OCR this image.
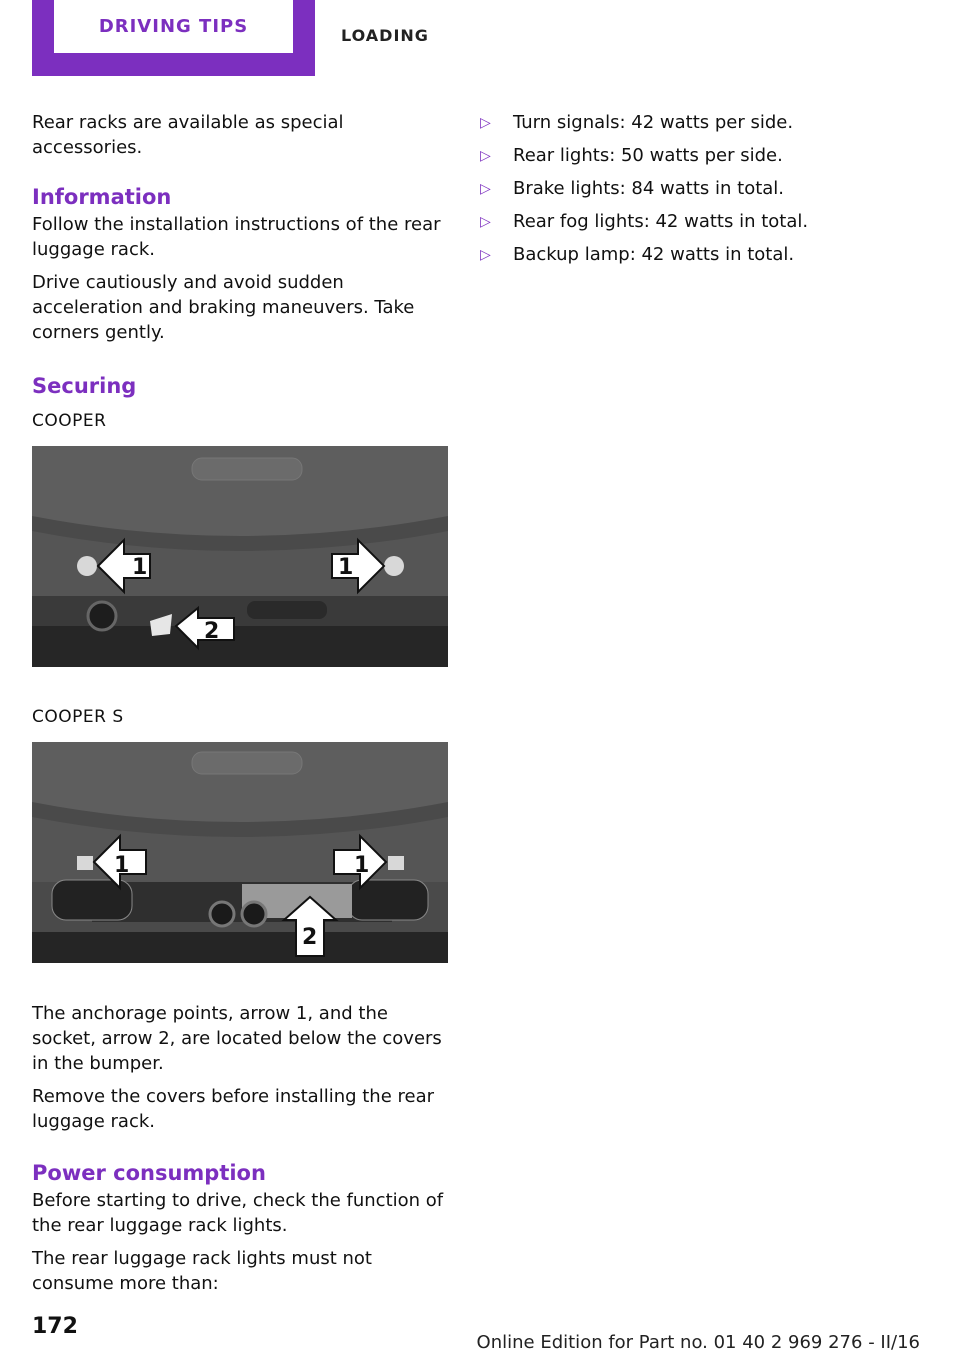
DRIVING TIPS	LOADING

Rear racks are available as special accessories.

Information

Follow the installation instructions of the rear luggage rack.

Drive cautiously and avoid sudden acceleration and braking maneuvers. Take corners gently.

Securing

COOPER

1	1
2

COOPER S

1	1
2

The anchorage points, arrow 1, and the socket, arrow 2, are located below the covers in the bumper.

Remove the covers before installing the rear luggage rack.

Power consumption

Before starting to drive, check the function of the rear luggage rack lights.

The rear luggage rack lights must not consume more than:

▷	Turn signals: 42 watts per side.
▷	Rear lights: 50 watts per side.
▷	Brake lights: 84 watts in total.
▷	Rear fog lights: 42 watts in total.
▷	Backup lamp: 42 watts in total.
172
Online Edition for Part no. 01 40 2 969 276 - II/16
